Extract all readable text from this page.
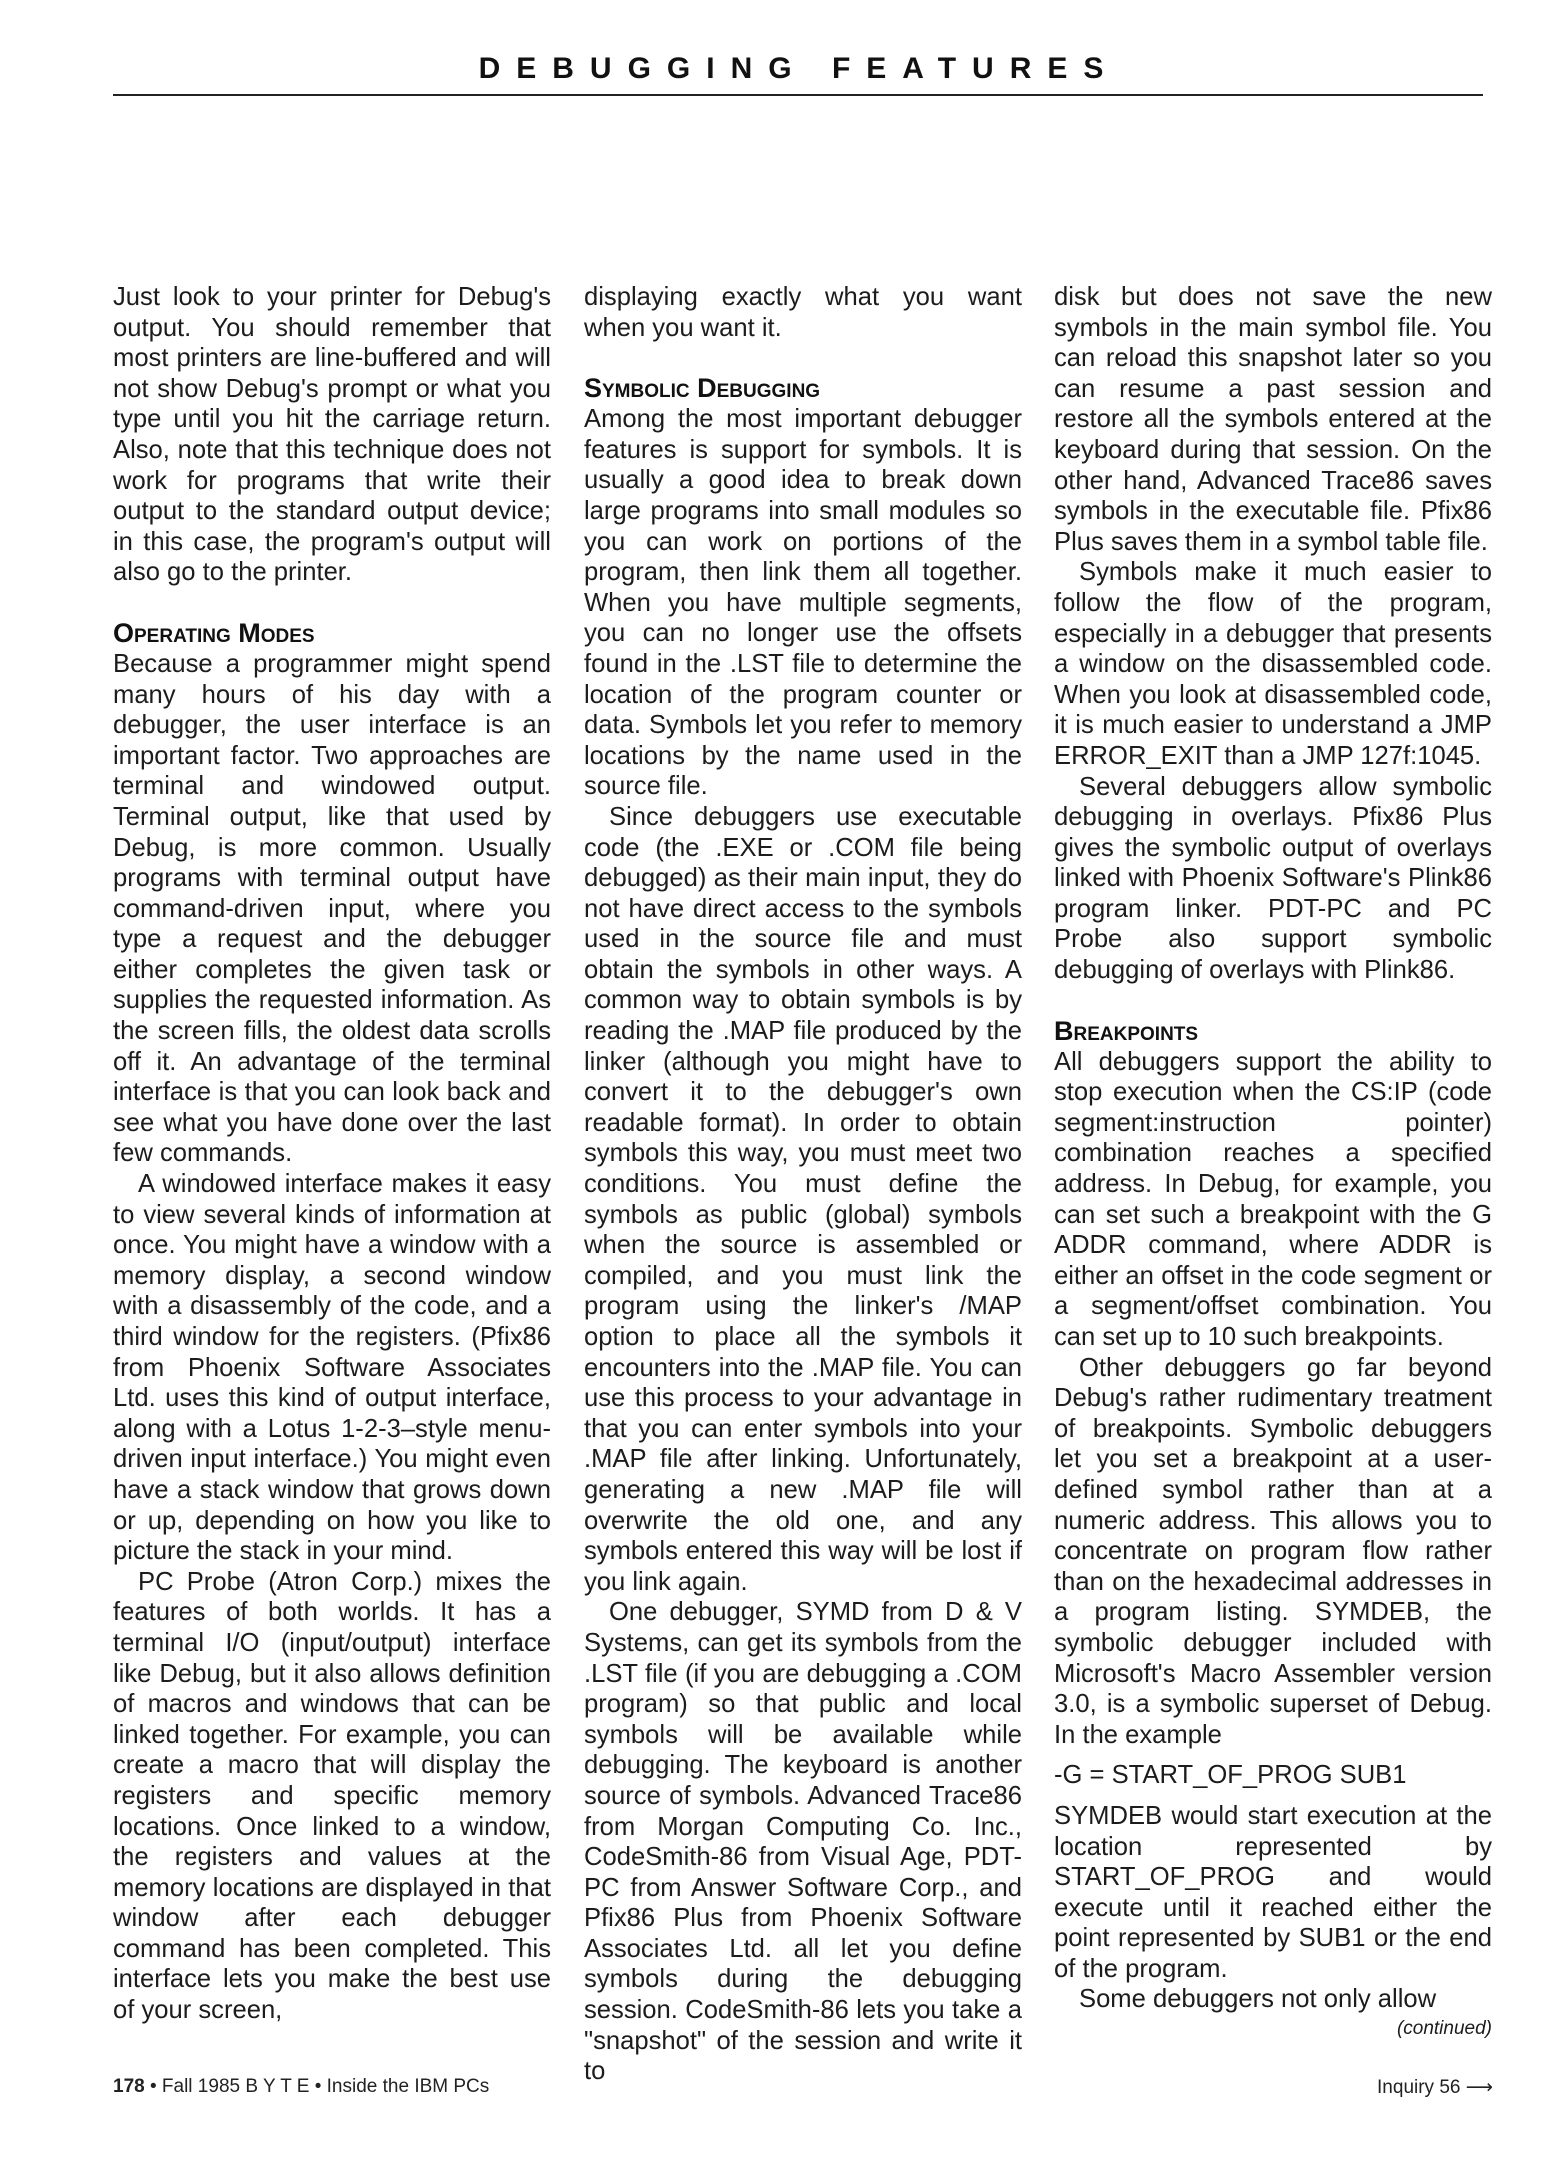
DEBUGGING FEATURES

Just look to your printer for Debug's output. You should remember that most printers are line-buffered and will not show Debug's prompt or what you type until you hit the carriage return. Also, note that this technique does not work for programs that write their output to the standard output device; in this case, the program's output will also go to the printer.

Operating Modes

Because a programmer might spend many hours of his day with a debugger, the user interface is an important factor. Two approaches are terminal and windowed output. Terminal output, like that used by Debug, is more common. Usually programs with terminal output have command-driven input, where you type a request and the debugger either completes the given task or supplies the requested information. As the screen fills, the oldest data scrolls off it. An advantage of the terminal interface is that you can look back and see what you have done over the last few commands.

A windowed interface makes it easy to view several kinds of information at once. You might have a window with a memory display, a second window with a disassembly of the code, and a third window for the registers. (Pfix86 from Phoenix Software Associates Ltd. uses this kind of output interface, along with a Lotus 1-2-3–style menu-driven input interface.) You might even have a stack window that grows down or up, depending on how you like to picture the stack in your mind.

PC Probe (Atron Corp.) mixes the features of both worlds. It has a terminal I/O (input/output) interface like Debug, but it also allows definition of macros and windows that can be linked together. For example, you can create a macro that will display the registers and specific memory locations. Once linked to a window, the registers and values at the memory locations are displayed in that window after each debugger command has been completed. This interface lets you make the best use of your screen,

displaying exactly what you want when you want it.

Symbolic Debugging

Among the most important debugger features is support for symbols. It is usually a good idea to break down large programs into small modules so you can work on portions of the program, then link them all together. When you have multiple segments, you can no longer use the offsets found in the .LST file to determine the location of the program counter or data. Symbols let you refer to memory locations by the name used in the source file.

Since debuggers use executable code (the .EXE or .COM file being debugged) as their main input, they do not have direct access to the symbols used in the source file and must obtain the symbols in other ways. A common way to obtain symbols is by reading the .MAP file produced by the linker (although you might have to convert it to the debugger's own readable format). In order to obtain symbols this way, you must meet two conditions. You must define the symbols as public (global) symbols when the source is assembled or compiled, and you must link the program using the linker's /MAP option to place all the symbols it encounters into the .MAP file. You can use this process to your advantage in that you can enter symbols into your .MAP file after linking. Unfortunately, generating a new .MAP file will overwrite the old one, and any symbols entered this way will be lost if you link again.

One debugger, SYMD from D & V Systems, can get its symbols from the .LST file (if you are debugging a .COM program) so that public and local symbols will be available while debugging. The keyboard is another source of symbols. Advanced Trace86 from Morgan Computing Co. Inc., CodeSmith-86 from Visual Age, PDT-PC from Answer Software Corp., and Pfix86 Plus from Phoenix Software Associates Ltd. all let you define symbols during the debugging session. CodeSmith-86 lets you take a "snapshot" of the session and write it to

disk but does not save the new symbols in the main symbol file. You can reload this snapshot later so you can resume a past session and restore all the symbols entered at the keyboard during that session. On the other hand, Advanced Trace86 saves symbols in the executable file. Pfix86 Plus saves them in a symbol table file.

Symbols make it much easier to follow the flow of the program, especially in a debugger that presents a window on the disassembled code. When you look at disassembled code, it is much easier to understand a JMP ERROR_EXIT than a JMP 127f:1045.

Several debuggers allow symbolic debugging in overlays. Pfix86 Plus gives the symbolic output of overlays linked with Phoenix Software's Plink86 program linker. PDT-PC and PC Probe also support symbolic debugging of overlays with Plink86.

Breakpoints

All debuggers support the ability to stop execution when the CS:IP (code segment:instruction pointer) combination reaches a specified address. In Debug, for example, you can set such a breakpoint with the G ADDR command, where ADDR is either an offset in the code segment or a segment/offset combination. You can set up to 10 such breakpoints.

Other debuggers go far beyond Debug's rather rudimentary treatment of breakpoints. Symbolic debuggers let you set a breakpoint at a user-defined symbol rather than at a numeric address. This allows you to concentrate on program flow rather than on the hexadecimal addresses in a program listing. SYMDEB, the symbolic debugger included with Microsoft's Macro Assembler version 3.0, is a symbolic superset of Debug. In the example

-G = START_OF_PROG SUB1

SYMDEB would start execution at the location represented by START_OF_PROG and would execute until it reached either the point represented by SUB1 or the end of the program.

Some debuggers not only allow

(continued)
178 • Fall 1985 B Y T E • Inside the IBM PCs	Inquiry 56 ⟶
